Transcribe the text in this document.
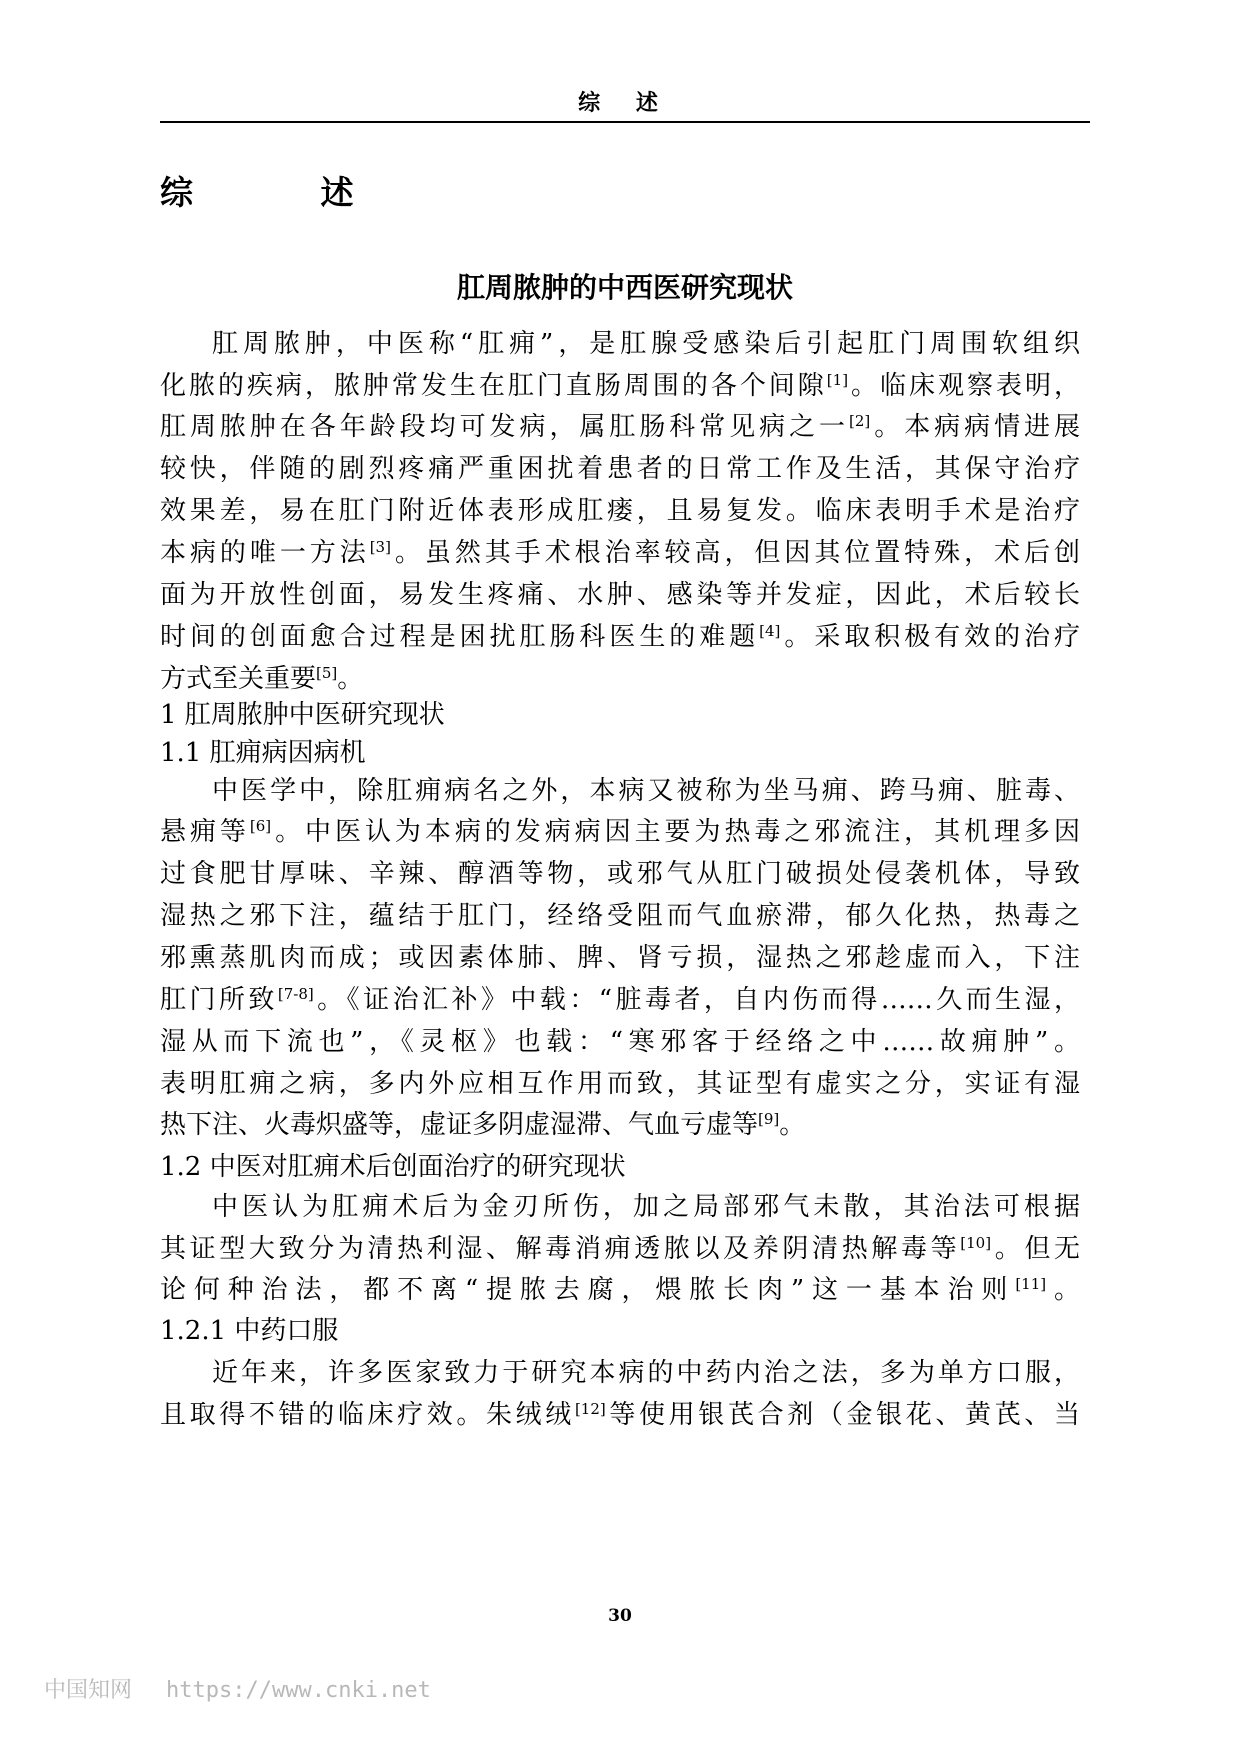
综 述
综 述
肛周脓肿的中西医研究现状
肛周脓肿，中医称“肛痈”，是肛腺受感染后引起肛门周围软组织
化脓的疾病，脓肿常发生在肛门直肠周围的各个间隙[1]。临床观察表明，
肛周脓肿在各年龄段均可发病，属肛肠科常见病之一[2]。本病病情进展
较快，伴随的剧烈疼痛严重困扰着患者的日常工作及生活，其保守治疗
效果差，易在肛门附近体表形成肛瘘，且易复发。临床表明手术是治疗
本病的唯一方法[3]。虽然其手术根治率较高，但因其位置特殊，术后创
面为开放性创面，易发生疼痛、水肿、感染等并发症，因此，术后较长
时间的创面愈合过程是困扰肛肠科医生的难题[4]。采取积极有效的治疗
方式至关重要[5]。
1 肛周脓肿中医研究现状
1.1 肛痈病因病机
中医学中，除肛痈病名之外，本病又被称为坐马痈、跨马痈、脏毒、
悬痈等[6]。中医认为本病的发病病因主要为热毒之邪流注，其机理多因
过食肥甘厚味、辛辣、醇酒等物，或邪气从肛门破损处侵袭机体，导致
湿热之邪下注，蕴结于肛门，经络受阻而气血瘀滞，郁久化热，热毒之
邪熏蒸肌肉而成；或因素体肺、脾、肾亏损，湿热之邪趁虚而入，下注
肛门所致[7-8]。《证治汇补》中载：“脏毒者，自内伤而得……久而生湿，
湿从而下流也”，《灵枢》也载：“寒邪客于经络之中……故痈肿”。
表明肛痈之病，多内外应相互作用而致，其证型有虚实之分，实证有湿
热下注、火毒炽盛等，虚证多阴虚湿滞、气血亏虚等[9]。
1.2 中医对肛痈术后创面治疗的研究现状
中医认为肛痈术后为金刃所伤，加之局部邪气未散，其治法可根据
其证型大致分为清热利湿、解毒消痈透脓以及养阴清热解毒等[10]。但无
论何种治法，都不离“提脓去腐，煨脓长肉”这一基本治则[11]。
1.2.1 中药口服
近年来，许多医家致力于研究本病的中药内治之法，多为单方口服，
且取得不错的临床疗效。朱绒绒[12]等使用银芪合剂（金银花、黄芪、当
30
中国知网 https://www.cnki.net
